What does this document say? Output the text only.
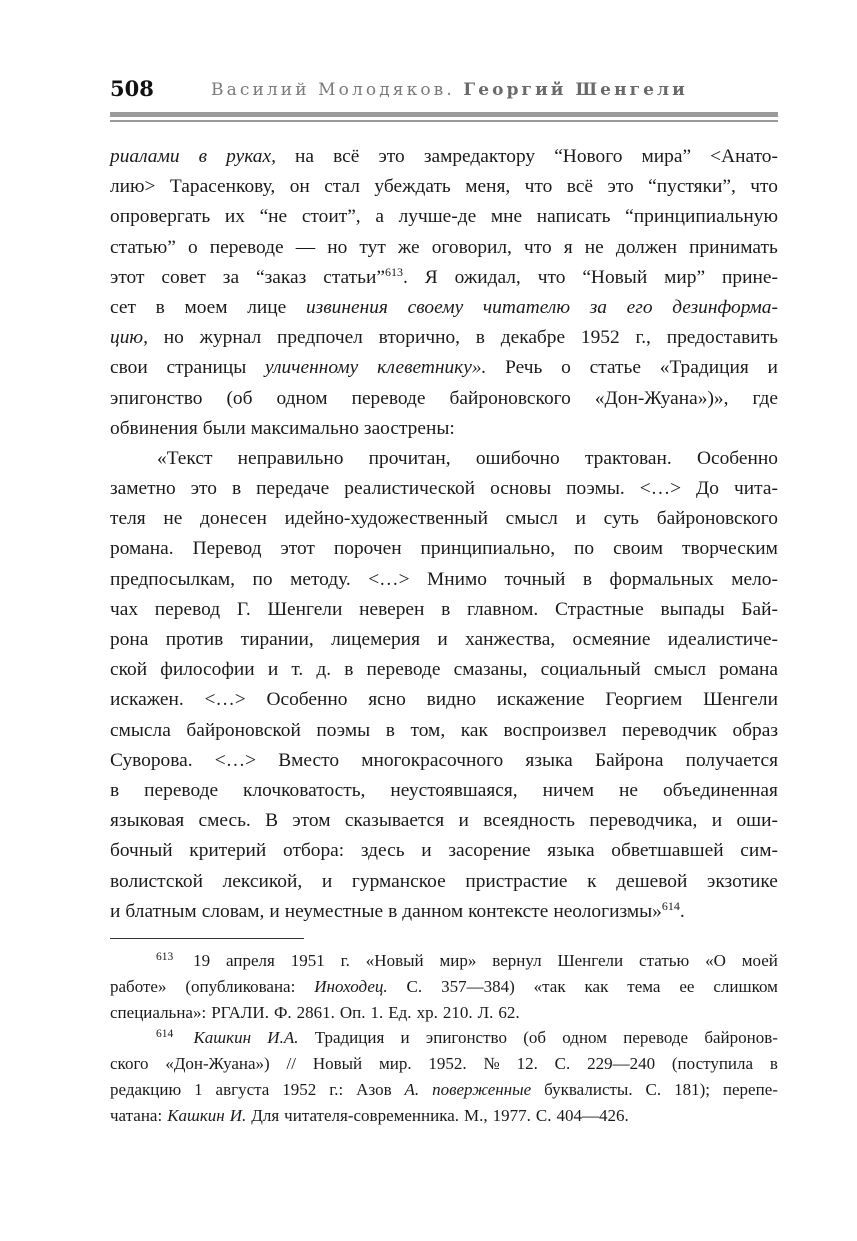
508	Василий Молодяков. Георгий Шенгели
риалами в руках, на всё это замредактору “Нового мира” <Анато-
лию> Тарасенкову, он стал убеждать меня, что всё это “пустяки”, что
опровергать их “не стоит”, а лучше-де мне написать “принципиальную
статью” о переводе — но тут же оговорил, что я не должен принимать
этот совет за “заказ статьи”$^{613}$. Я ожидал, что “Новый мир” прине-
сет в моем лице извинения своему читателю за его дезинформа-
цию, но журнал предпочел вторично, в декабре 1952 г., предоставить
свои страницы уличенному клеветнику». Речь о статье «Традиция и
эпигонство (об одном переводе байроновского «Дон-Жуана»)», где
обвинения были максимально заострены:
«Текст неправильно прочитан, ошибочно трактован. Особенно
заметно это в передаче реалистической основы поэмы. <…> До чита-
теля не донесен идейно-художественный смысл и суть байроновского
романа. Перевод этот порочен принципиально, по своим творческим
предпосылкам, по методу. <…> Мнимо точный в формальных мело-
чах перевод Г. Шенгели неверен в главном. Страстные выпады Бай-
рона против тирании, лицемерия и ханжества, осмеяние идеалистиче-
ской философии и т. д. в переводе смазаны, социальный смысл романа
искажен. <…> Особенно ясно видно искажение Георгием Шенгели
смысла байроновской поэмы в том, как воспроизвел переводчик образ
Суворова. <…> Вместо многокрасочного языка Байрона получается
в переводе клочковатость, неустоявшаяся, ничем не объединенная
языковая смесь. В этом сказывается и всеядность переводчика, и оши-
бочный критерий отбора: здесь и засорение языка обветшавшей сим-
волистской лексикой, и гурманское пристрастие к дешевой экзотике
и блатным словам, и неуместные в данном контексте неологизмы»$^{614}$.
$^{613}$ 19 апреля 1951 г. «Новый мир» вернул Шенгели статью «О моей
работе» (опубликована: Иноходец. С. 357—384) «так как тема ее слишком
специальна»: РГАЛИ. Ф. 2861. Оп. 1. Ед. хр. 210. Л. 62.
$^{614}$ Кашкин И.А. Традиция и эпигонство (об одном переводе байронов-
ского «Дон-Жуана») // Новый мир. 1952. № 12. С. 229—240 (поступила в
редакцию 1 августа 1952 г.: Азов А. поверженные буквалисты. С. 181); перепе-
чатана: Кашкин И. Для читателя-современника. М., 1977. С. 404—426.
